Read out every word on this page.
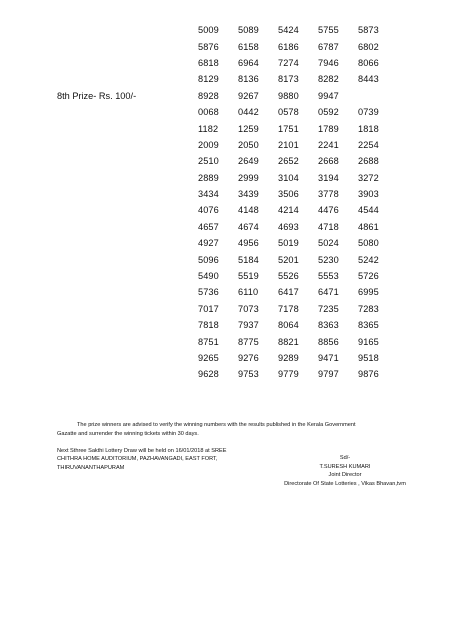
5009	5089	5424	5755	5873
5876	6158	6186	6787	6802
6818	6964	7274	7946	8066
8129	8136	8173	8282	8443
8928	9267	9880	9947
0068	0442	0578	0592	0739
1182	1259	1751	1789	1818
2009	2050	2101	2241	2254
2510	2649	2652	2668	2688
2889	2999	3104	3194	3272
3434	3439	3506	3778	3903
4076	4148	4214	4476	4544
4657	4674	4693	4718	4861
4927	4956	5019	5024	5080
5096	5184	5201	5230	5242
5490	5519	5526	5553	5726
5736	6110	6417	6471	6995
7017	7073	7178	7235	7283
7818	7937	8064	8363	8365
8751	8775	8821	8856	9165
9265	9276	9289	9471	9518
9628	9753	9779	9797	9876
8th Prize- Rs. 100/-
The prize winners are advised to verify the winning numbers with the results published in the Kerala Government
Gazatte and surrender the winning tickets within 30 days.
Next Sthree Sakthi Lottery Draw will be held on 16/01/2018 at SREE
CHITHRA HOME AUDITORIUM, PAZHAVANGADI, EAST FORT,
THIRUVANANTHAPURAM
Sd/-
T.SURESH KUMARI
Joint Director
Directorate Of State Lotteries , Vikas Bhavan,tvm
